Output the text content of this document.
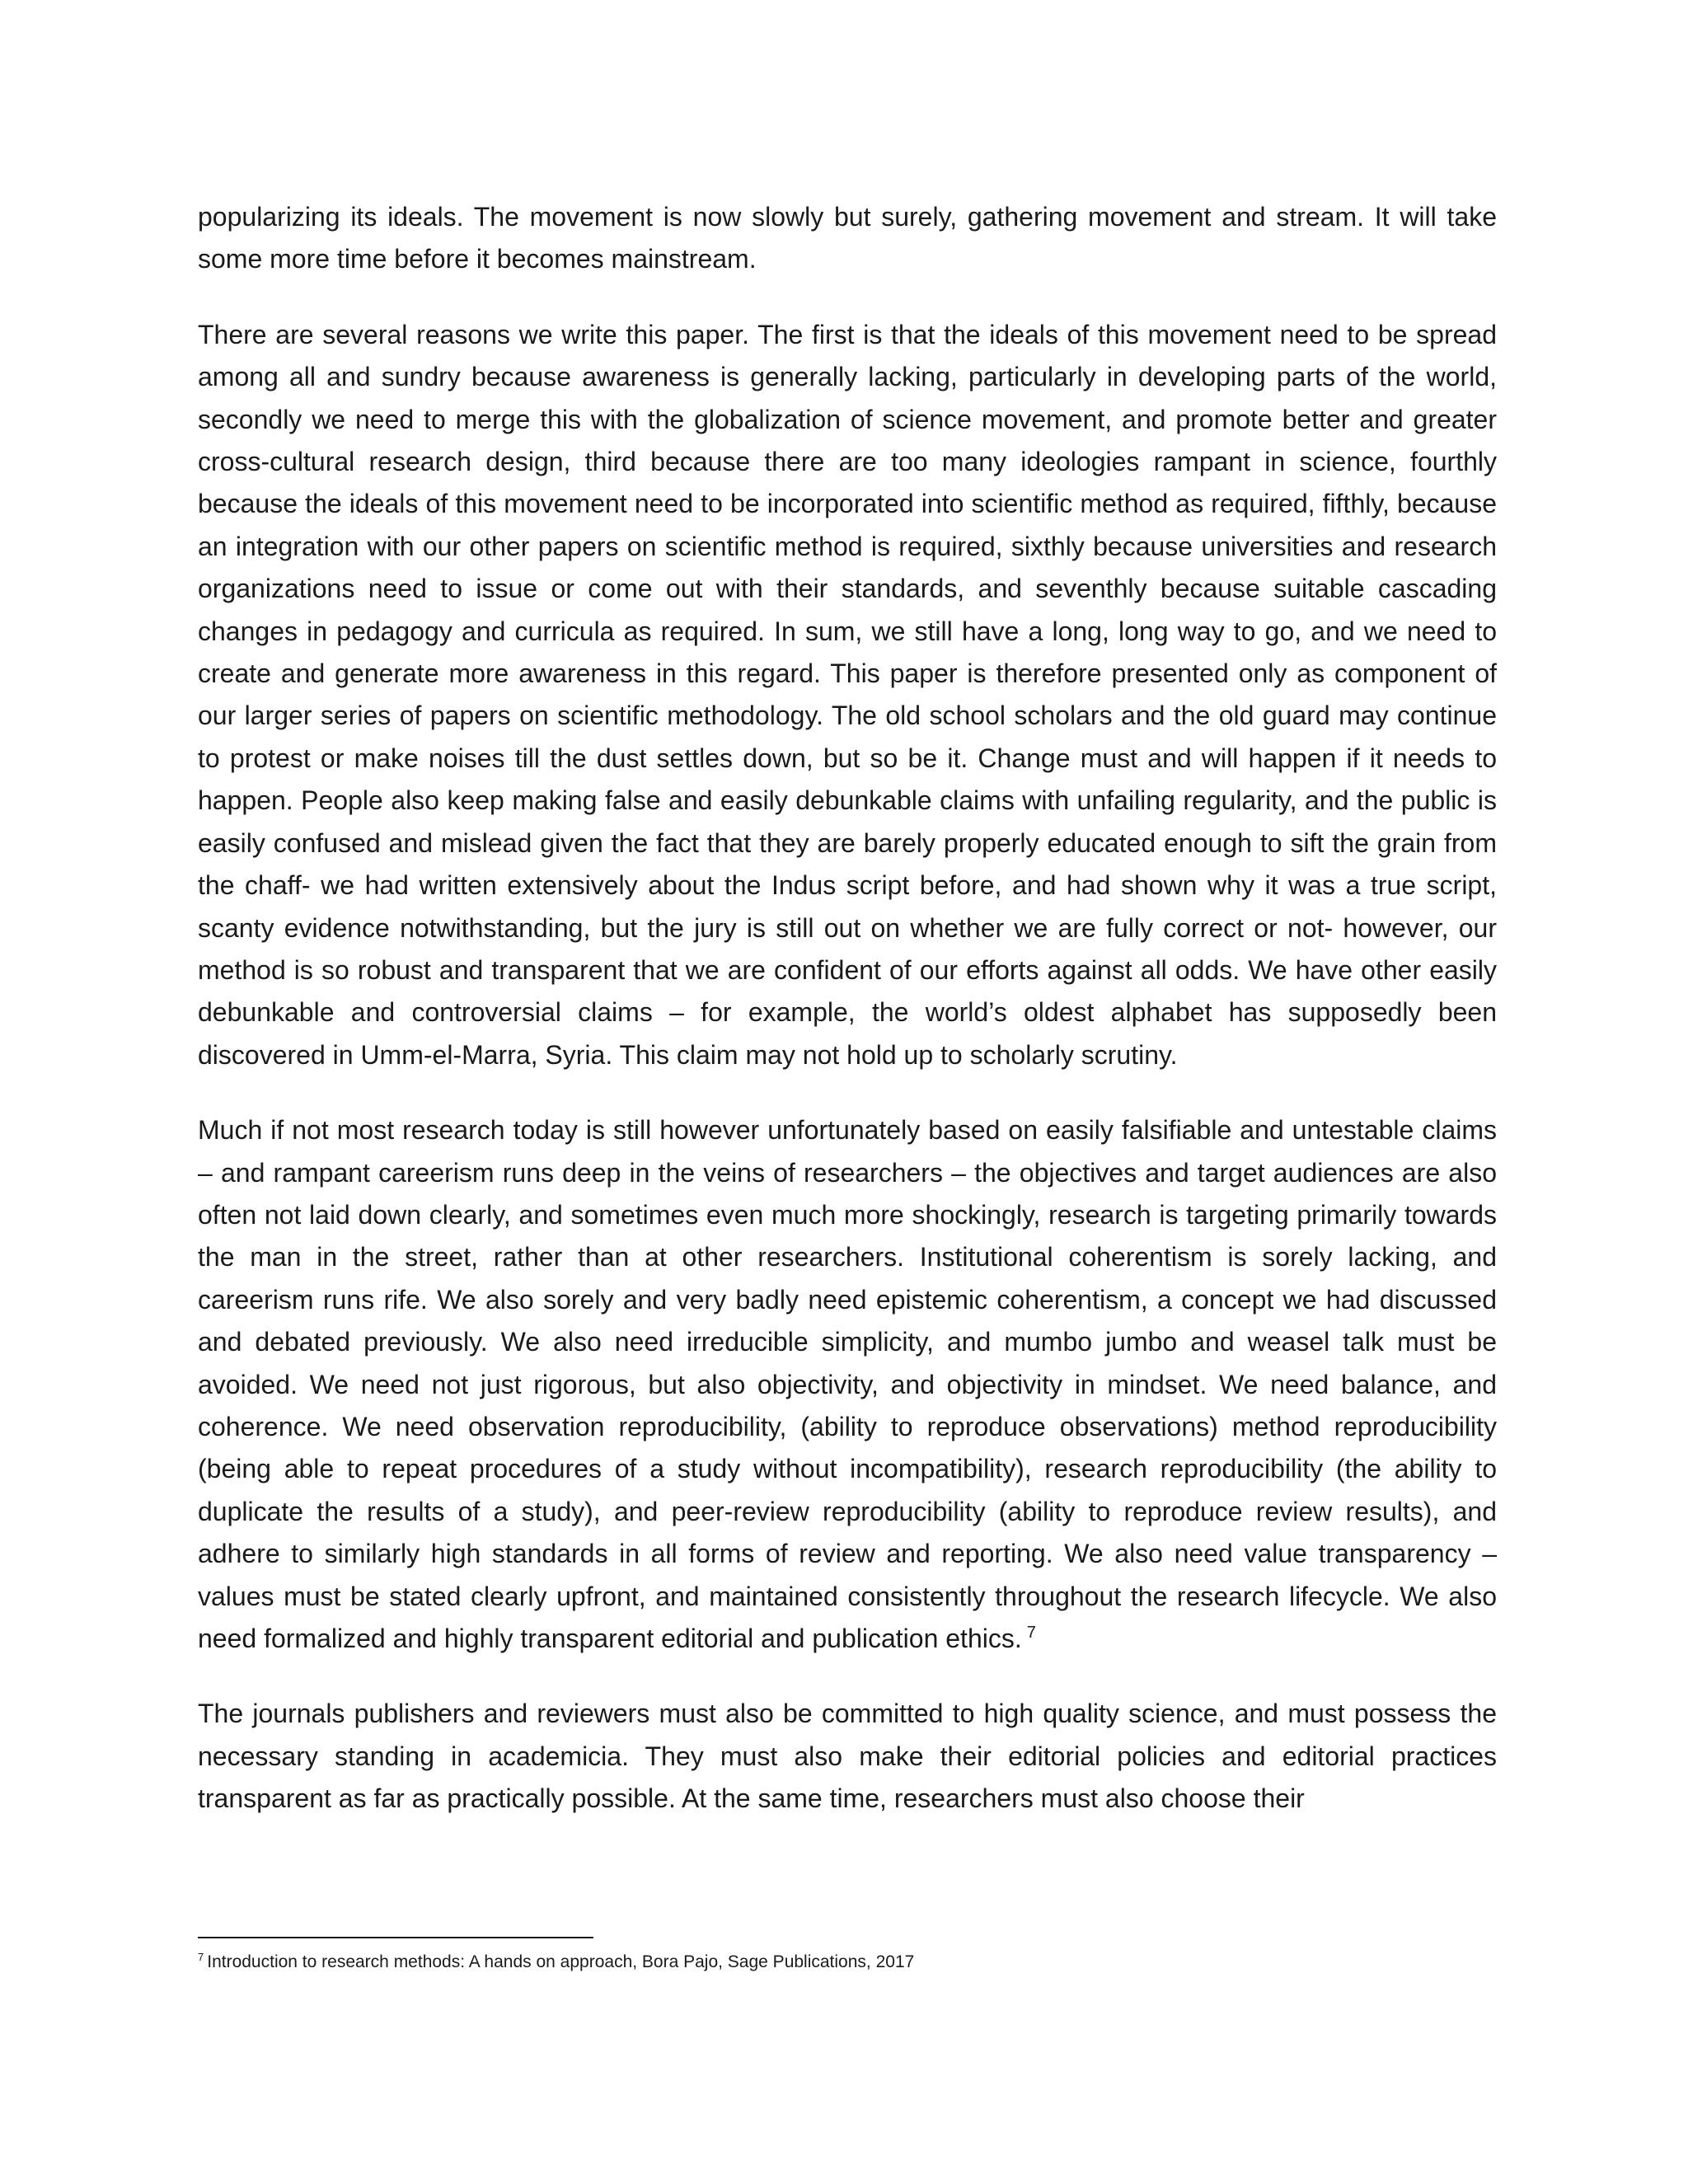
popularizing its ideals. The movement is now slowly but surely, gathering movement and stream. It will take some more time before it becomes mainstream.

There are several reasons we write this paper. The first is that the ideals of this movement need to be spread among all and sundry because awareness is generally lacking, particularly in developing parts of the world, secondly we need to merge this with the globalization of science movement, and promote better and greater cross-cultural research design, third because there are too many ideologies rampant in science, fourthly because the ideals of this movement need to be incorporated into scientific method as required, fifthly, because an integration with our other papers on scientific method is required, sixthly because universities and research organizations need to issue or come out with their standards, and seventhly because suitable cascading changes in pedagogy and curricula as required. In sum, we still have a long, long way to go, and we need to create and generate more awareness in this regard. This paper is therefore presented only as component of our larger series of papers on scientific methodology. The old school scholars and the old guard may continue to protest or make noises till the dust settles down, but so be it. Change must and will happen if it needs to happen. People also keep making false and easily debunkable claims with unfailing regularity, and the public is easily confused and mislead given the fact that they are barely properly educated enough to sift the grain from the chaff- we had written extensively about the Indus script before, and had shown why it was a true script, scanty evidence notwithstanding, but the jury is still out on whether we are fully correct or not- however, our method is so robust and transparent that we are confident of our efforts against all odds. We have other easily debunkable and controversial claims – for example, the world’s oldest alphabet has supposedly been discovered in Umm-el-Marra, Syria. This claim may not hold up to scholarly scrutiny.

Much if not most research today is still however unfortunately based on easily falsifiable and untestable claims – and rampant careerism runs deep in the veins of researchers – the objectives and target audiences are also often not laid down clearly, and sometimes even much more shockingly, research is targeting primarily towards the man in the street, rather than at other researchers. Institutional coherentism is sorely lacking, and careerism runs rife. We also sorely and very badly need epistemic coherentism, a concept we had discussed and debated previously. We also need irreducible simplicity, and mumbo jumbo and weasel talk must be avoided. We need not just rigorous, but also objectivity, and objectivity in mindset. We need balance, and coherence. We need observation reproducibility, (ability to reproduce observations) method reproducibility (being able to repeat procedures of a study without incompatibility), research reproducibility (the ability to duplicate the results of a study), and peer-review reproducibility (ability to reproduce review results), and adhere to similarly high standards in all forms of review and reporting. We also need value transparency – values must be stated clearly upfront, and maintained consistently throughout the research lifecycle. We also need formalized and highly transparent editorial and publication ethics. $^7$

The journals publishers and reviewers must also be committed to high quality science, and must possess the necessary standing in academicia. They must also make their editorial policies and editorial practices transparent as far as practically possible. At the same time, researchers must also choose their

$^7$ Introduction to research methods: A hands on approach, Bora Pajo, Sage Publications, 2017
